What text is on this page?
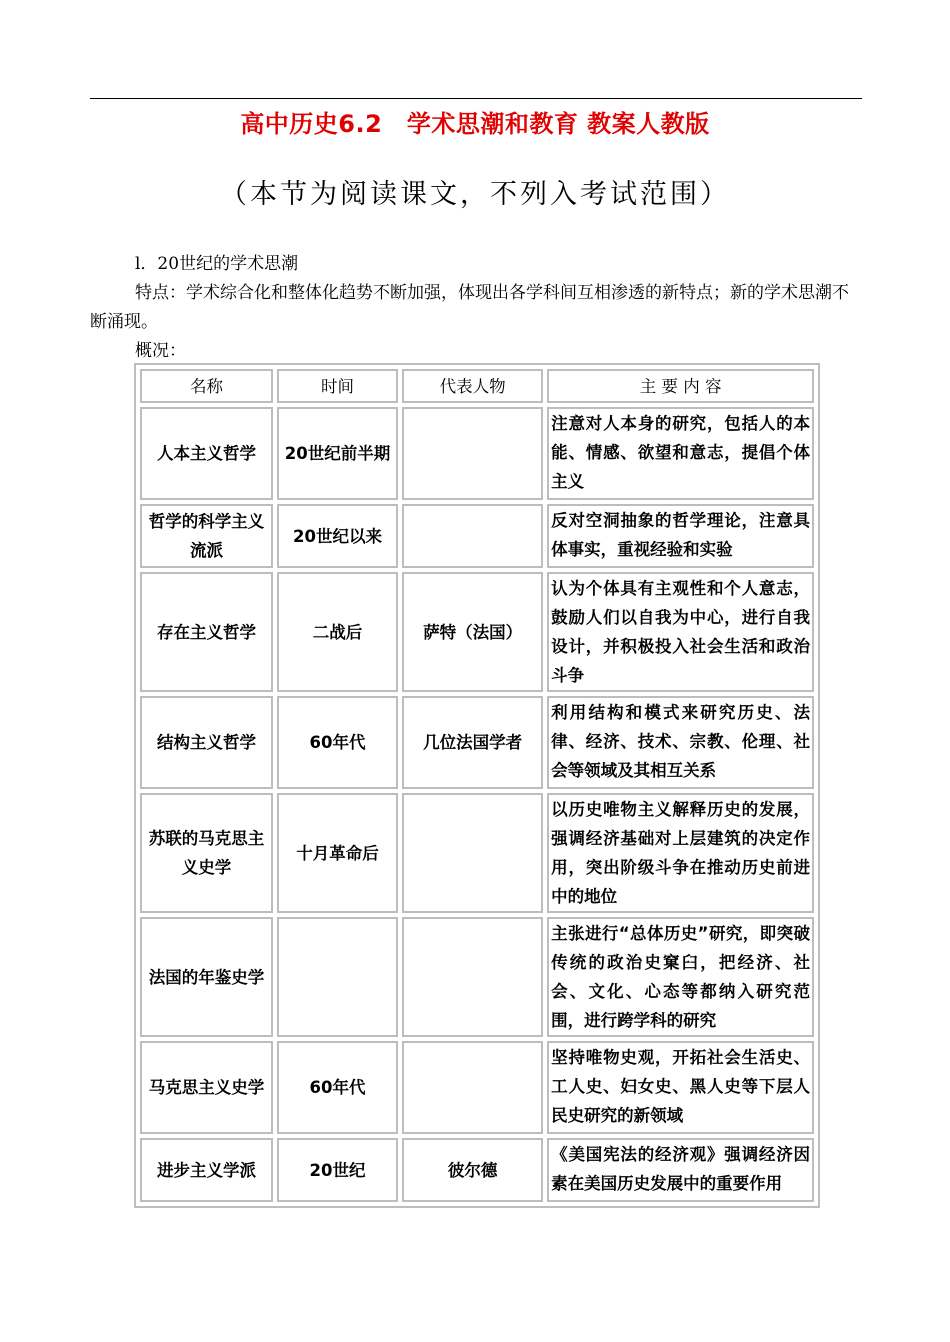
高中历史6.2　学术思潮和教育 教案人教版
（本节为阅读课文，不列入考试范围）
l．20世纪的学术思潮
特点：学术综合化和整体化趋势不断加强，体现出各学科间互相渗透的新特点；新的学术思潮不断涌现。
概况：
名称	时间	代表人物	主 要 内 容
人本主义哲学	20世纪前半期		注意对人本身的研究，包括人的本能、情感、欲望和意志，提倡个体主义
哲学的科学主义流派	20世纪以来		反对空洞抽象的哲学理论，注意具体事实，重视经验和实验
存在主义哲学	二战后	萨特（法国）	认为个体具有主观性和个人意志，鼓励人们以自我为中心，进行自我设计，并积极投入社会生活和政治斗争
结构主义哲学	60年代	几位法国学者	利用结构和模式来研究历史、法律、经济、技术、宗教、伦理、社会等领域及其相互关系
苏联的马克思主义史学	十月革命后		以历史唯物主义解释历史的发展，强调经济基础对上层建筑的决定作用，突出阶级斗争在推动历史前进中的地位
法国的年鉴史学			主张进行“总体历史”研究，即突破传统的政治史窠臼，把经济、社会、文化、心态等都纳入研究范围，进行跨学科的研究
马克思主义史学	60年代		坚持唯物史观，开拓社会生活史、工人史、妇女史、黑人史等下层人民史研究的新领域
进步主义学派	20世纪	彼尔德	《美国宪法的经济观》强调经济因素在美国历史发展中的重要作用
